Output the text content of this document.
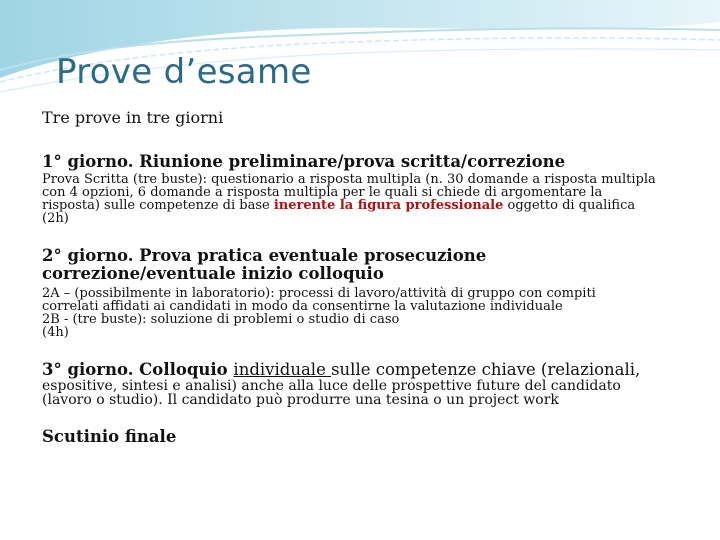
Prove d’esame

Tre prove in tre giorni

1° giorno. Riunione preliminare/prova scritta/correzione

Prova Scritta (tre buste): questionario a risposta multipla (n. 30 domande a risposta multipla
con 4 opzioni, 6 domande a risposta multipla per le quali si chiede di argomentare la
risposta) sulle competenze di base inerente la figura professionale oggetto di qualifica
(2h)

2° giorno. Prova pratica eventuale prosecuzione
correzione/eventuale inizio colloquio

2A – (possibilmente in laboratorio): processi di lavoro/attività di gruppo con compiti
correlati affidati ai candidati in modo da consentirne la valutazione individuale
2B - (tre buste): soluzione di problemi o studio di caso
(4h)

3° giorno. Colloquio individuale sulle competenze chiave (relazionali,

espositive, sintesi e analisi) anche alla luce delle prospettive future del candidato
(lavoro o studio). Il candidato può produrre una tesina o un project work

Scutinio finale
